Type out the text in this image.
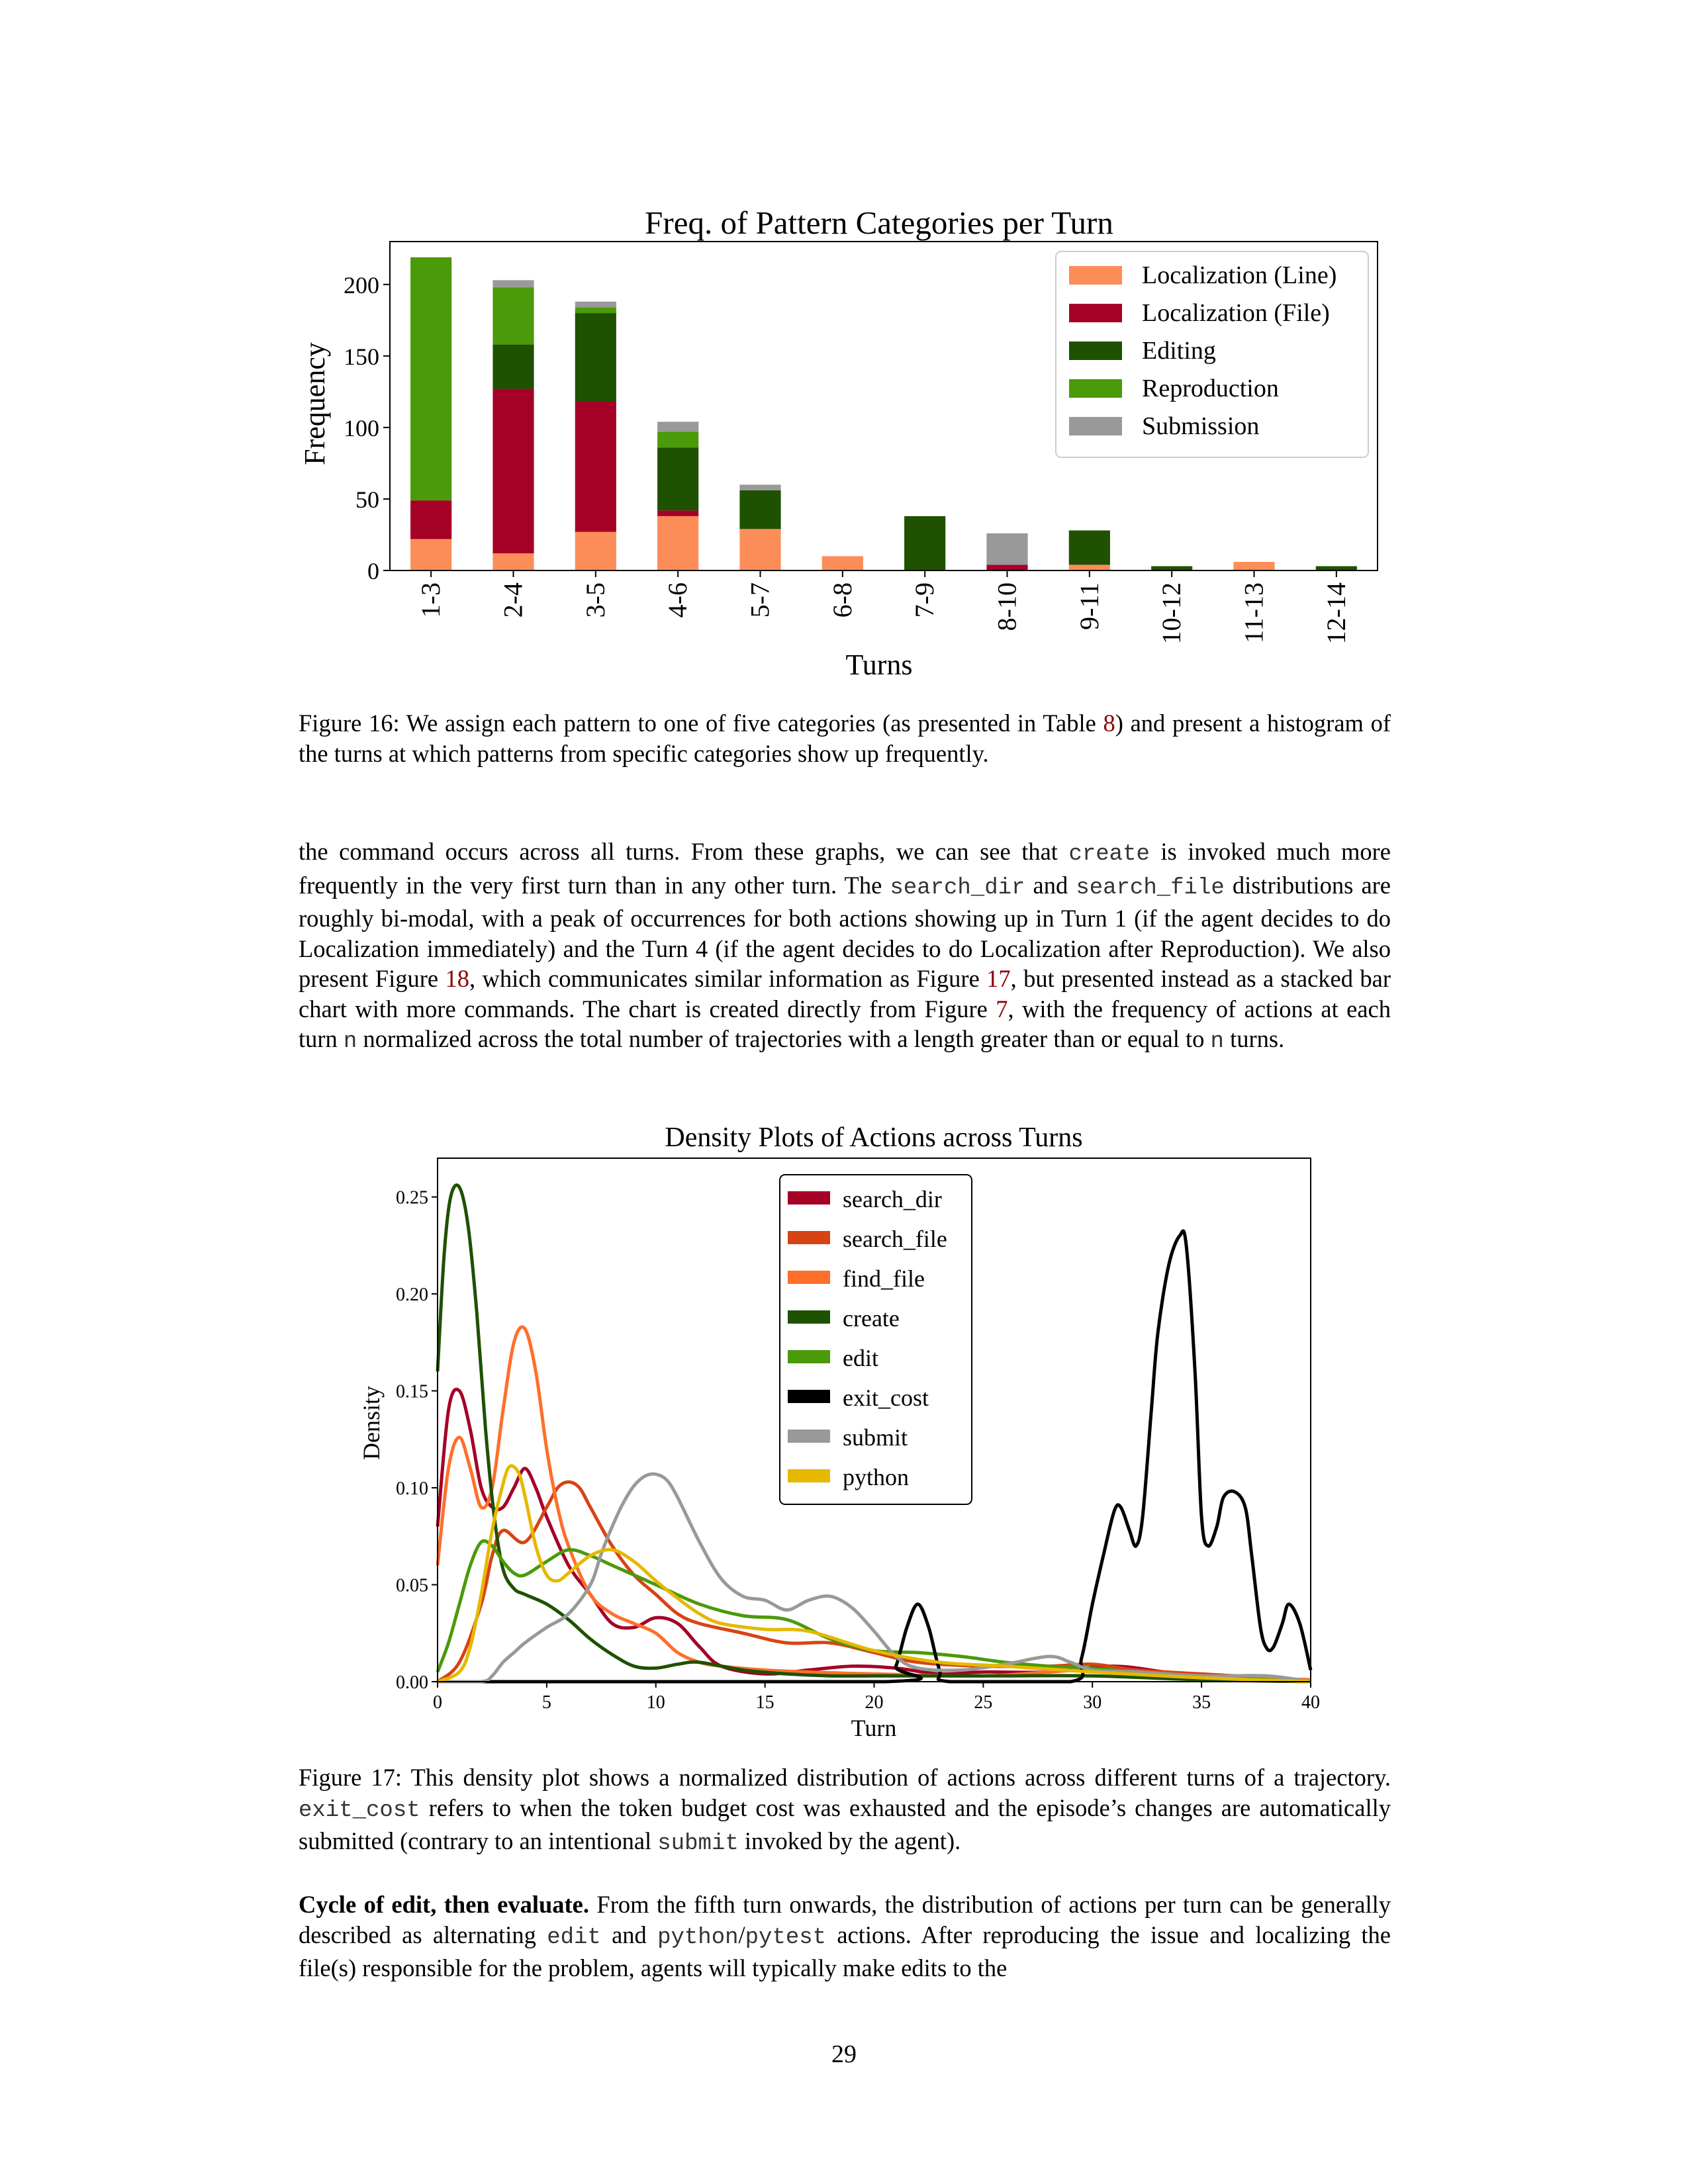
Freq. of Pattern Categories per Turn
0
50
100
150
200
1-3 2-4 3-5 4-6 5-7 6-8 7-9 8-10 9-11 10-12 11-13 12-14
Localization (Line)
Localization (File)
Editing
Reproduction
Submission
Frequency
Turns
Figure 16: We assign each pattern to one of five categories (as presented in Table 8) and present a histogram of the turns at which patterns from specific categories show up frequently.
the command occurs across all turns. From these graphs, we can see that create is invoked much more frequently in the very first turn than in any other turn. The search_dir and search_file distributions are roughly bi-modal, with a peak of occurrences for both actions showing up in Turn 1 (if the agent decides to do Localization immediately) and the Turn 4 (if the agent decides to do Localization after Reproduction). We also present Figure 18, which communicates similar information as Figure 17, but presented instead as a stacked bar chart with more commands. The chart is created directly from Figure 7, with the frequency of actions at each turn n normalized across the total number of trajectories with a length greater than or equal to n turns.
Density Plots of Actions across Turns
0.00
0.05
0.10
0.15
0.20
0.25
0	5	10	15	20	25	30	35	40
search_dir
search_file
find_file
create
edit
exit_cost
submit
python
Density
Turn
Figure 17: This density plot shows a normalized distribution of actions across different turns of a trajectory. exit_cost refers to when the token budget cost was exhausted and the episode’s changes are automatically submitted (contrary to an intentional submit invoked by the agent).
Cycle of edit, then evaluate. From the fifth turn onwards, the distribution of actions per turn can be generally described as alternating edit and python/pytest actions. After reproducing the issue and localizing the file(s) responsible for the problem, agents will typically make edits to the
29
